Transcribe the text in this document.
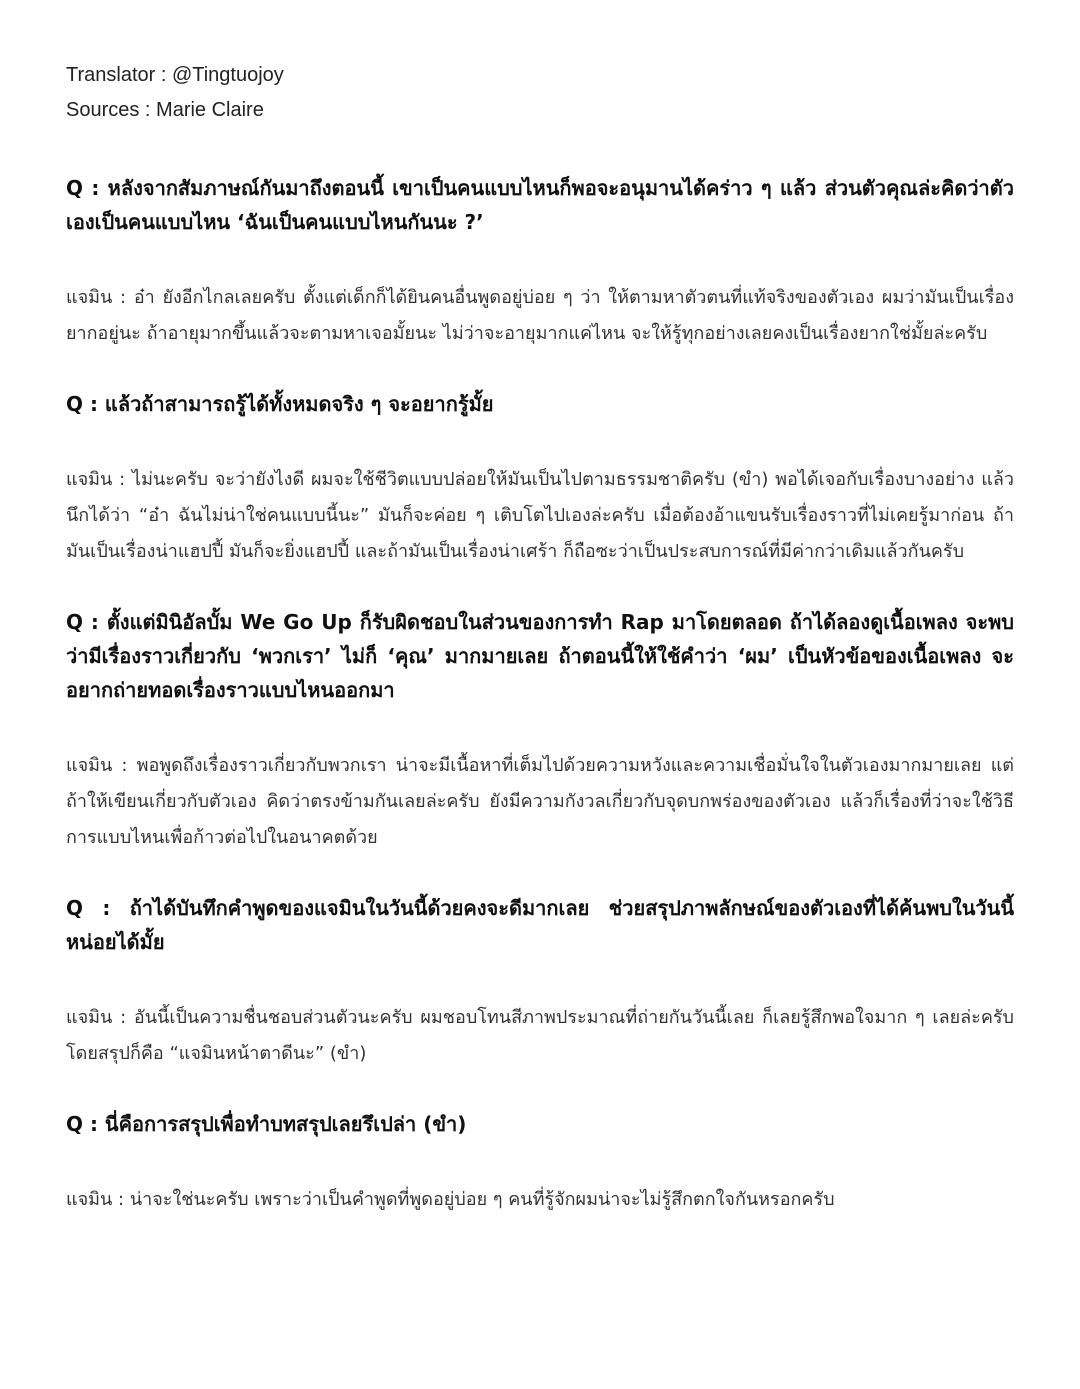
Translator : @Tingtuojoy

Sources : Marie Claire

Q : หลังจากสัมภาษณ์กันมาถึงตอนนี้ เขาเป็นคนแบบไหนก็พอจะอนุมานได้คร่าว ๆ แล้ว ส่วนตัวคุณล่ะคิดว่าตัวเองเป็นคนแบบไหน ‘ฉันเป็นคนแบบไหนกันนะ ?’

แจมิน : อ๋า ยังอีกไกลเลยครับ ตั้งแต่เด็กก็ได้ยินคนอื่นพูดอยู่บ่อย ๆ ว่า ให้ตามหาตัวตนที่แท้จริงของตัวเอง ผมว่ามันเป็นเรื่องยากอยู่นะ ถ้าอายุมากขึ้นแล้วจะตามหาเจอมั้ยนะ ไม่ว่าจะอายุมากแค่ไหน จะให้รู้ทุกอย่างเลยคงเป็นเรื่องยากใช่มั้ยล่ะครับ

Q : แล้วถ้าสามารถรู้ได้ทั้งหมดจริง ๆ จะอยากรู้มั้ย

แจมิน : ไม่นะครับ จะว่ายังไงดี ผมจะใช้ชีวิตแบบปล่อยให้มันเป็นไปตามธรรมชาติครับ (ขำ) พอได้เจอกับเรื่องบางอย่าง แล้วนึกได้ว่า “อ๋า ฉันไม่น่าใช่คนแบบนี้นะ” มันก็จะค่อย ๆ เติบโตไปเองล่ะครับ เมื่อต้องอ้าแขนรับเรื่องราวที่ไม่เคยรู้มาก่อน ถ้ามันเป็นเรื่องน่าแฮปปี้ มันก็จะยิ่งแฮปปี้ และถ้ามันเป็นเรื่องน่าเศร้า ก็ถือซะว่าเป็นประสบการณ์ที่มีค่ากว่าเดิมแล้วกันครับ

Q : ตั้งแต่มินิอัลบั้ม We Go Up ก็รับผิดชอบในส่วนของการทำ Rap มาโดยตลอด ถ้าได้ลองดูเนื้อเพลง จะพบว่ามีเรื่องราวเกี่ยวกับ ‘พวกเรา’ ไม่ก็ ‘คุณ’ มากมายเลย ถ้าตอนนี้ให้ใช้คำว่า ‘ผม’ เป็นหัวข้อของเนื้อเพลง จะอยากถ่ายทอดเรื่องราวแบบไหนออกมา

แจมิน : พอพูดถึงเรื่องราวเกี่ยวกับพวกเรา น่าจะมีเนื้อหาที่เต็มไปด้วยความหวังและความเชื่อมั่นใจในตัวเองมากมายเลย แต่ถ้าให้เขียนเกี่ยวกับตัวเอง คิดว่าตรงข้ามกันเลยล่ะครับ ยังมีความกังวลเกี่ยวกับจุดบกพร่องของตัวเอง แล้วก็เรื่องที่ว่าจะใช้วิธีการแบบไหนเพื่อก้าวต่อไปในอนาคตด้วย

Q : ถ้าได้บันทึกคำพูดของแจมินในวันนี้ด้วยคงจะดีมากเลย ช่วยสรุปภาพลักษณ์ของตัวเองที่ได้ค้นพบในวันนี้หน่อยได้มั้ย

แจมิน : อันนี้เป็นความชื่นชอบส่วนตัวนะครับ ผมชอบโทนสีภาพประมาณที่ถ่ายกันวันนี้เลย ก็เลยรู้สึกพอใจมาก ๆ เลยล่ะครับ โดยสรุปก็คือ “แจมินหน้าตาดีนะ” (ขำ)

Q : นี่คือการสรุปเพื่อทำบทสรุปเลยรึเปล่า (ขำ)

แจมิน : น่าจะใช่นะครับ เพราะว่าเป็นคำพูดที่พูดอยู่บ่อย ๆ คนที่รู้จักผมน่าจะไม่รู้สึกตกใจกันหรอกครับ
